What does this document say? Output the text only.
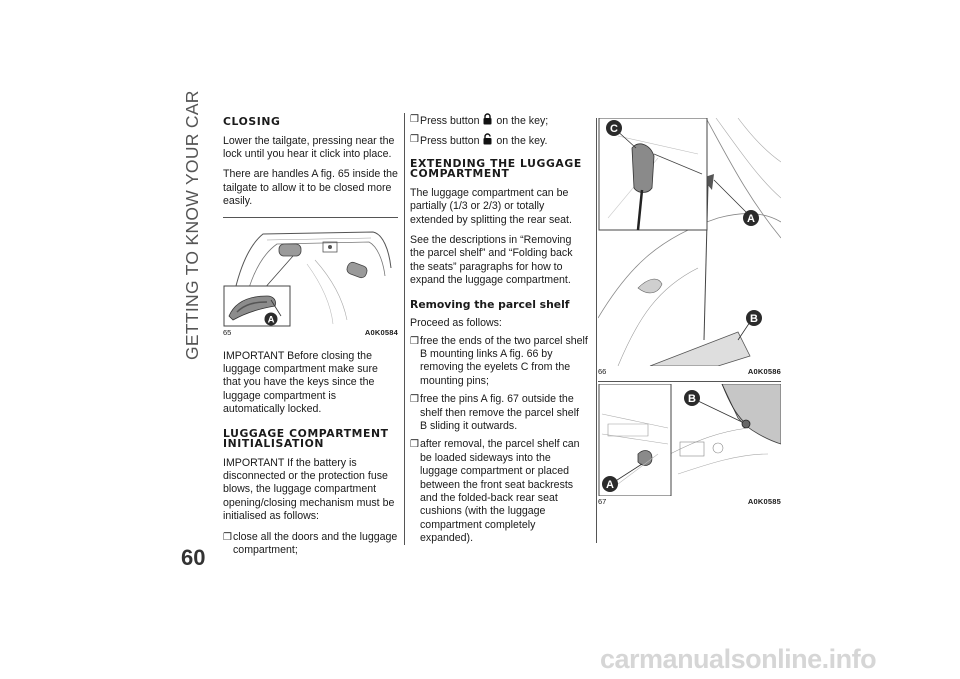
GETTING TO KNOW YOUR CAR
60
CLOSING

Lower the tailgate, pressing near the lock until you hear it click into place.

There are handles A fig. 65 inside the tailgate to allow it to be closed more easily.

A
65	A0K0584

IMPORTANT Before closing the luggage compartment make sure that you have the keys since the luggage compartment is automatically locked.

LUGGAGE COMPARTMENT INITIALISATION

IMPORTANT If the battery is disconnected or the protection fuse blows, the luggage compartment opening/closing mechanism must be initialised as follows:

❒ close all the doors and the luggage compartment;
❒ Press button on the key;
❒ Press button on the key.
EXTENDING THE LUGGAGE COMPARTMENT

The luggage compartment can be partially (1/3 or 2/3) or totally extended by splitting the rear seat.

See the descriptions in “Removing the parcel shelf” and “Folding back the seats” paragraphs for how to expand the luggage compartment.

Removing the parcel shelf

Proceed as follows:

❒ free the ends of the two parcel shelf B mounting links A fig. 66 by removing the eyelets C from the mounting pins;
❒ free the pins A fig. 67 outside the shelf then remove the parcel shelf B sliding it outwards.
❒ after removal, the parcel shelf can be loaded sideways into the luggage compartment or placed between the front seat backrests and the folded-back rear seat cushions (with the luggage compartment completely expanded).
C
A
B
66	A0K0586
A
B
67	A0K0585
carmanualsonline.info
